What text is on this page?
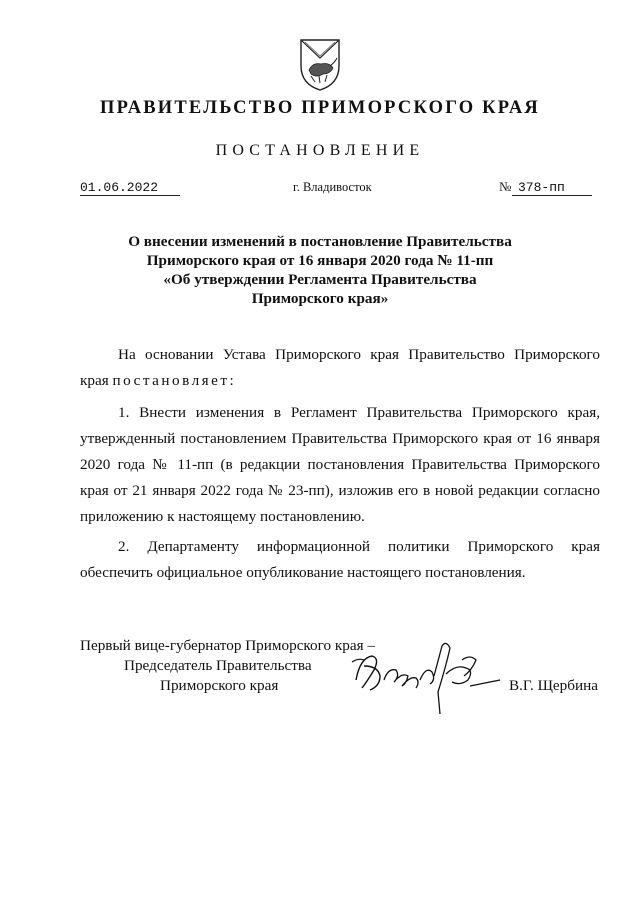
ПРАВИТЕЛЬСТВО ПРИМОРСКОГО КРАЯ
ПОСТАНОВЛЕНИЕ
01.06.2022	г. Владивосток	№ 378-пп
О внесении изменений в постановление Правительства
Приморского края от 16 января 2020 года № 11-пп
«Об утверждении Регламента Правительства
Приморского края»
На основании Устава Приморского края Правительство Приморского
края постановляет:
1. Внести изменения в Регламент Правительства Приморского края,
утвержденный постановлением Правительства Приморского края от 16 января
2020 года № 11-пп (в редакции постановления Правительства Приморского
края от 21 января 2022 года № 23-пп), изложив его в новой редакции согласно
приложению к настоящему постановлению.
2. Департаменту информационной политики Приморского края
обеспечить официальное опубликование настоящего постановления.
Первый вице-губернатор Приморского края –
Председатель Правительства
Приморского края	В.Г. Щербина
